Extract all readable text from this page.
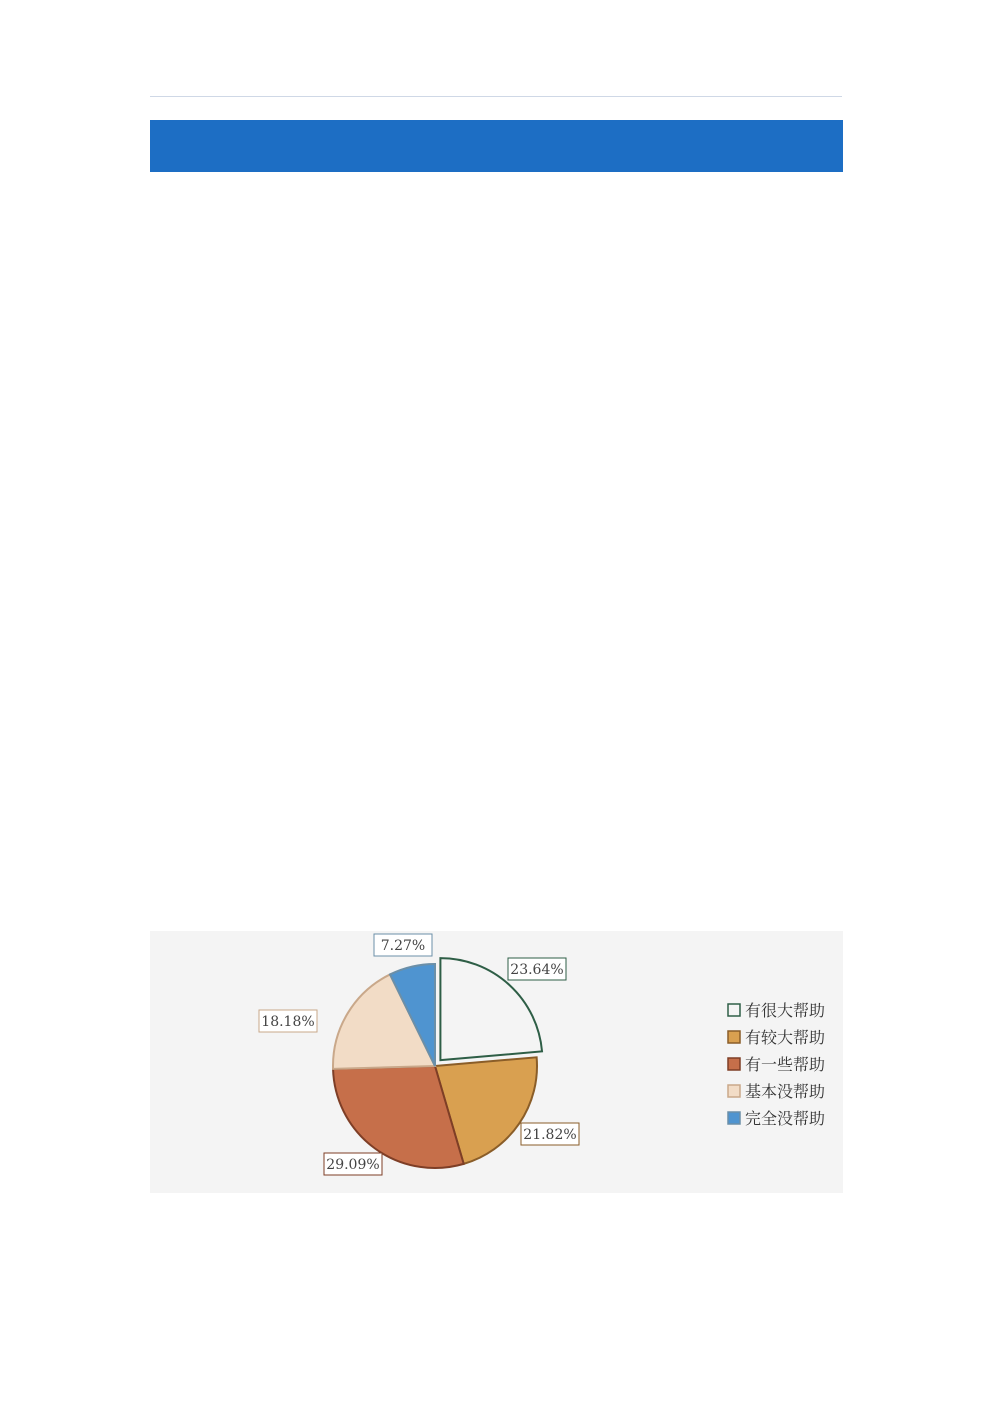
23.64%
21.82%
29.09%
18.18%
7.27%
有很大帮助
有较大帮助
有一些帮助
基本没帮助
完全没帮助
